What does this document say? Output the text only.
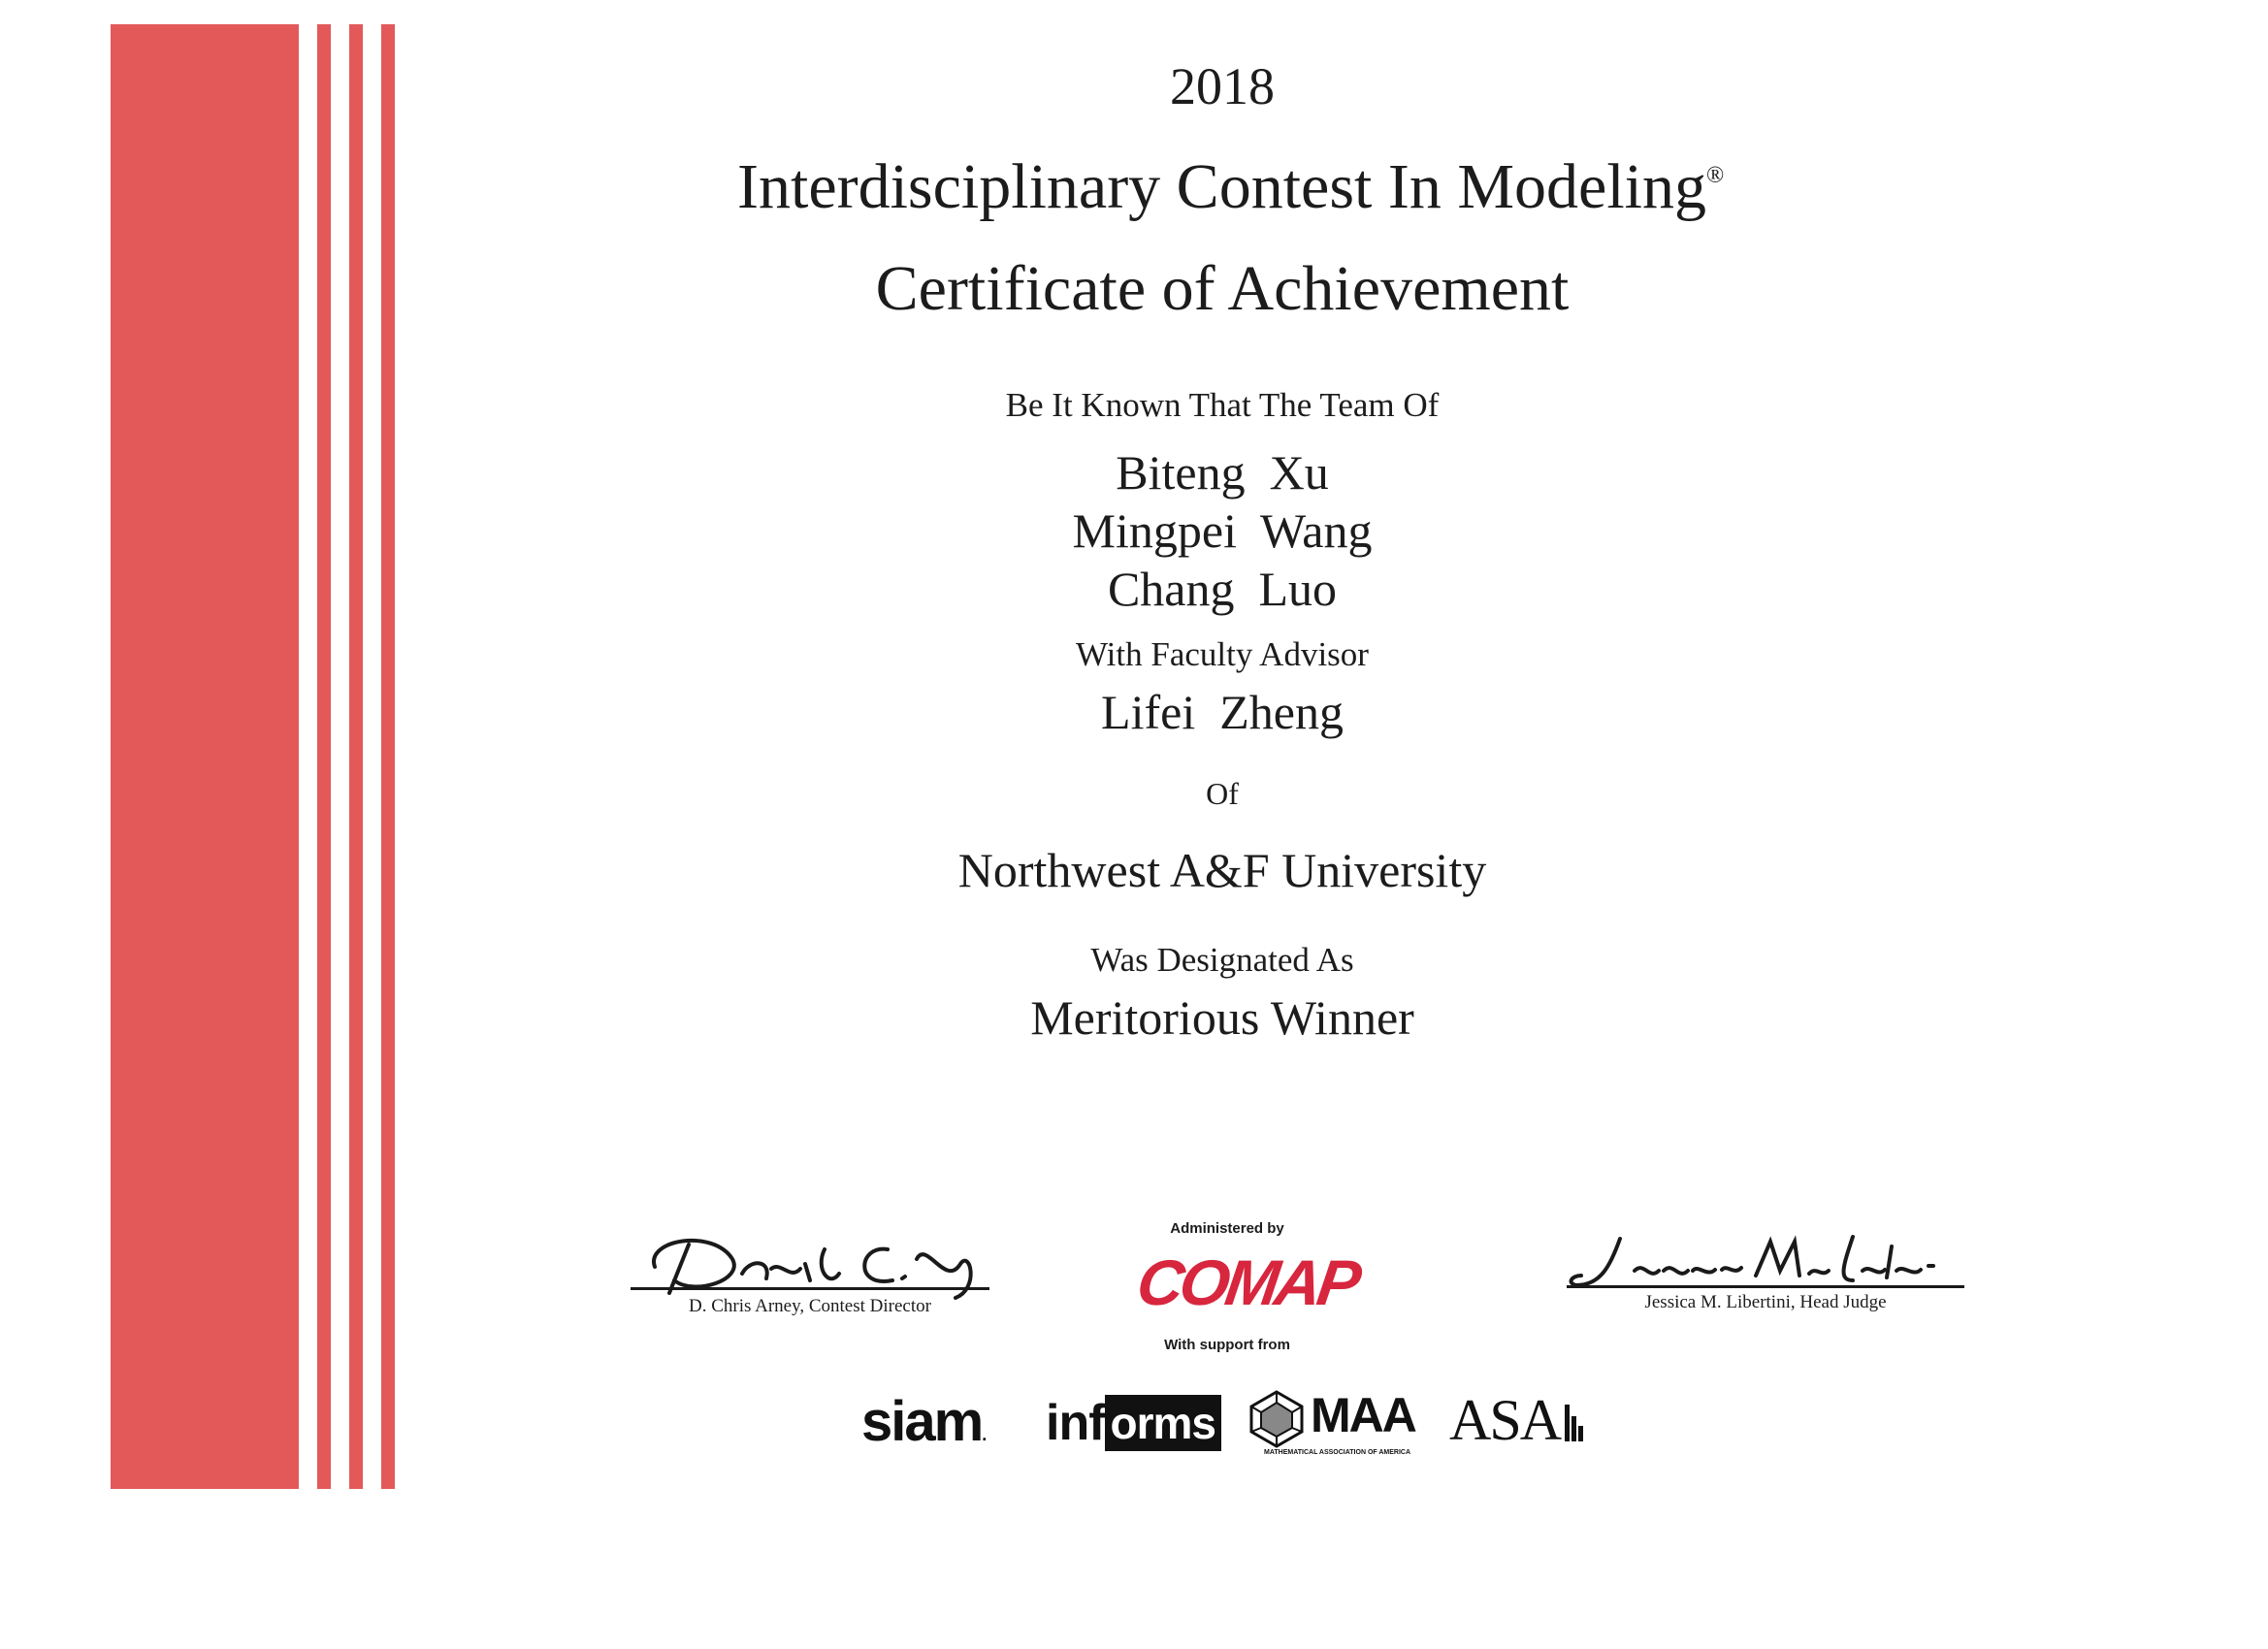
2018
Interdisciplinary Contest In Modeling®
Certificate of Achievement
Be It Known That The Team Of
Biteng  Xu
Mingpei  Wang
Chang  Luo
With Faculty Advisor
Lifei  Zheng
Of
Northwest A&F University
Was Designated As
Meritorious Winner
D. Chris Arney, Contest Director
Administered by
COMAP
With support from
Jessica M. Libertini, Head Judge
siam. inf orms MAA
MATHEMATICAL ASSOCIATION OF AMERICA
ASA
